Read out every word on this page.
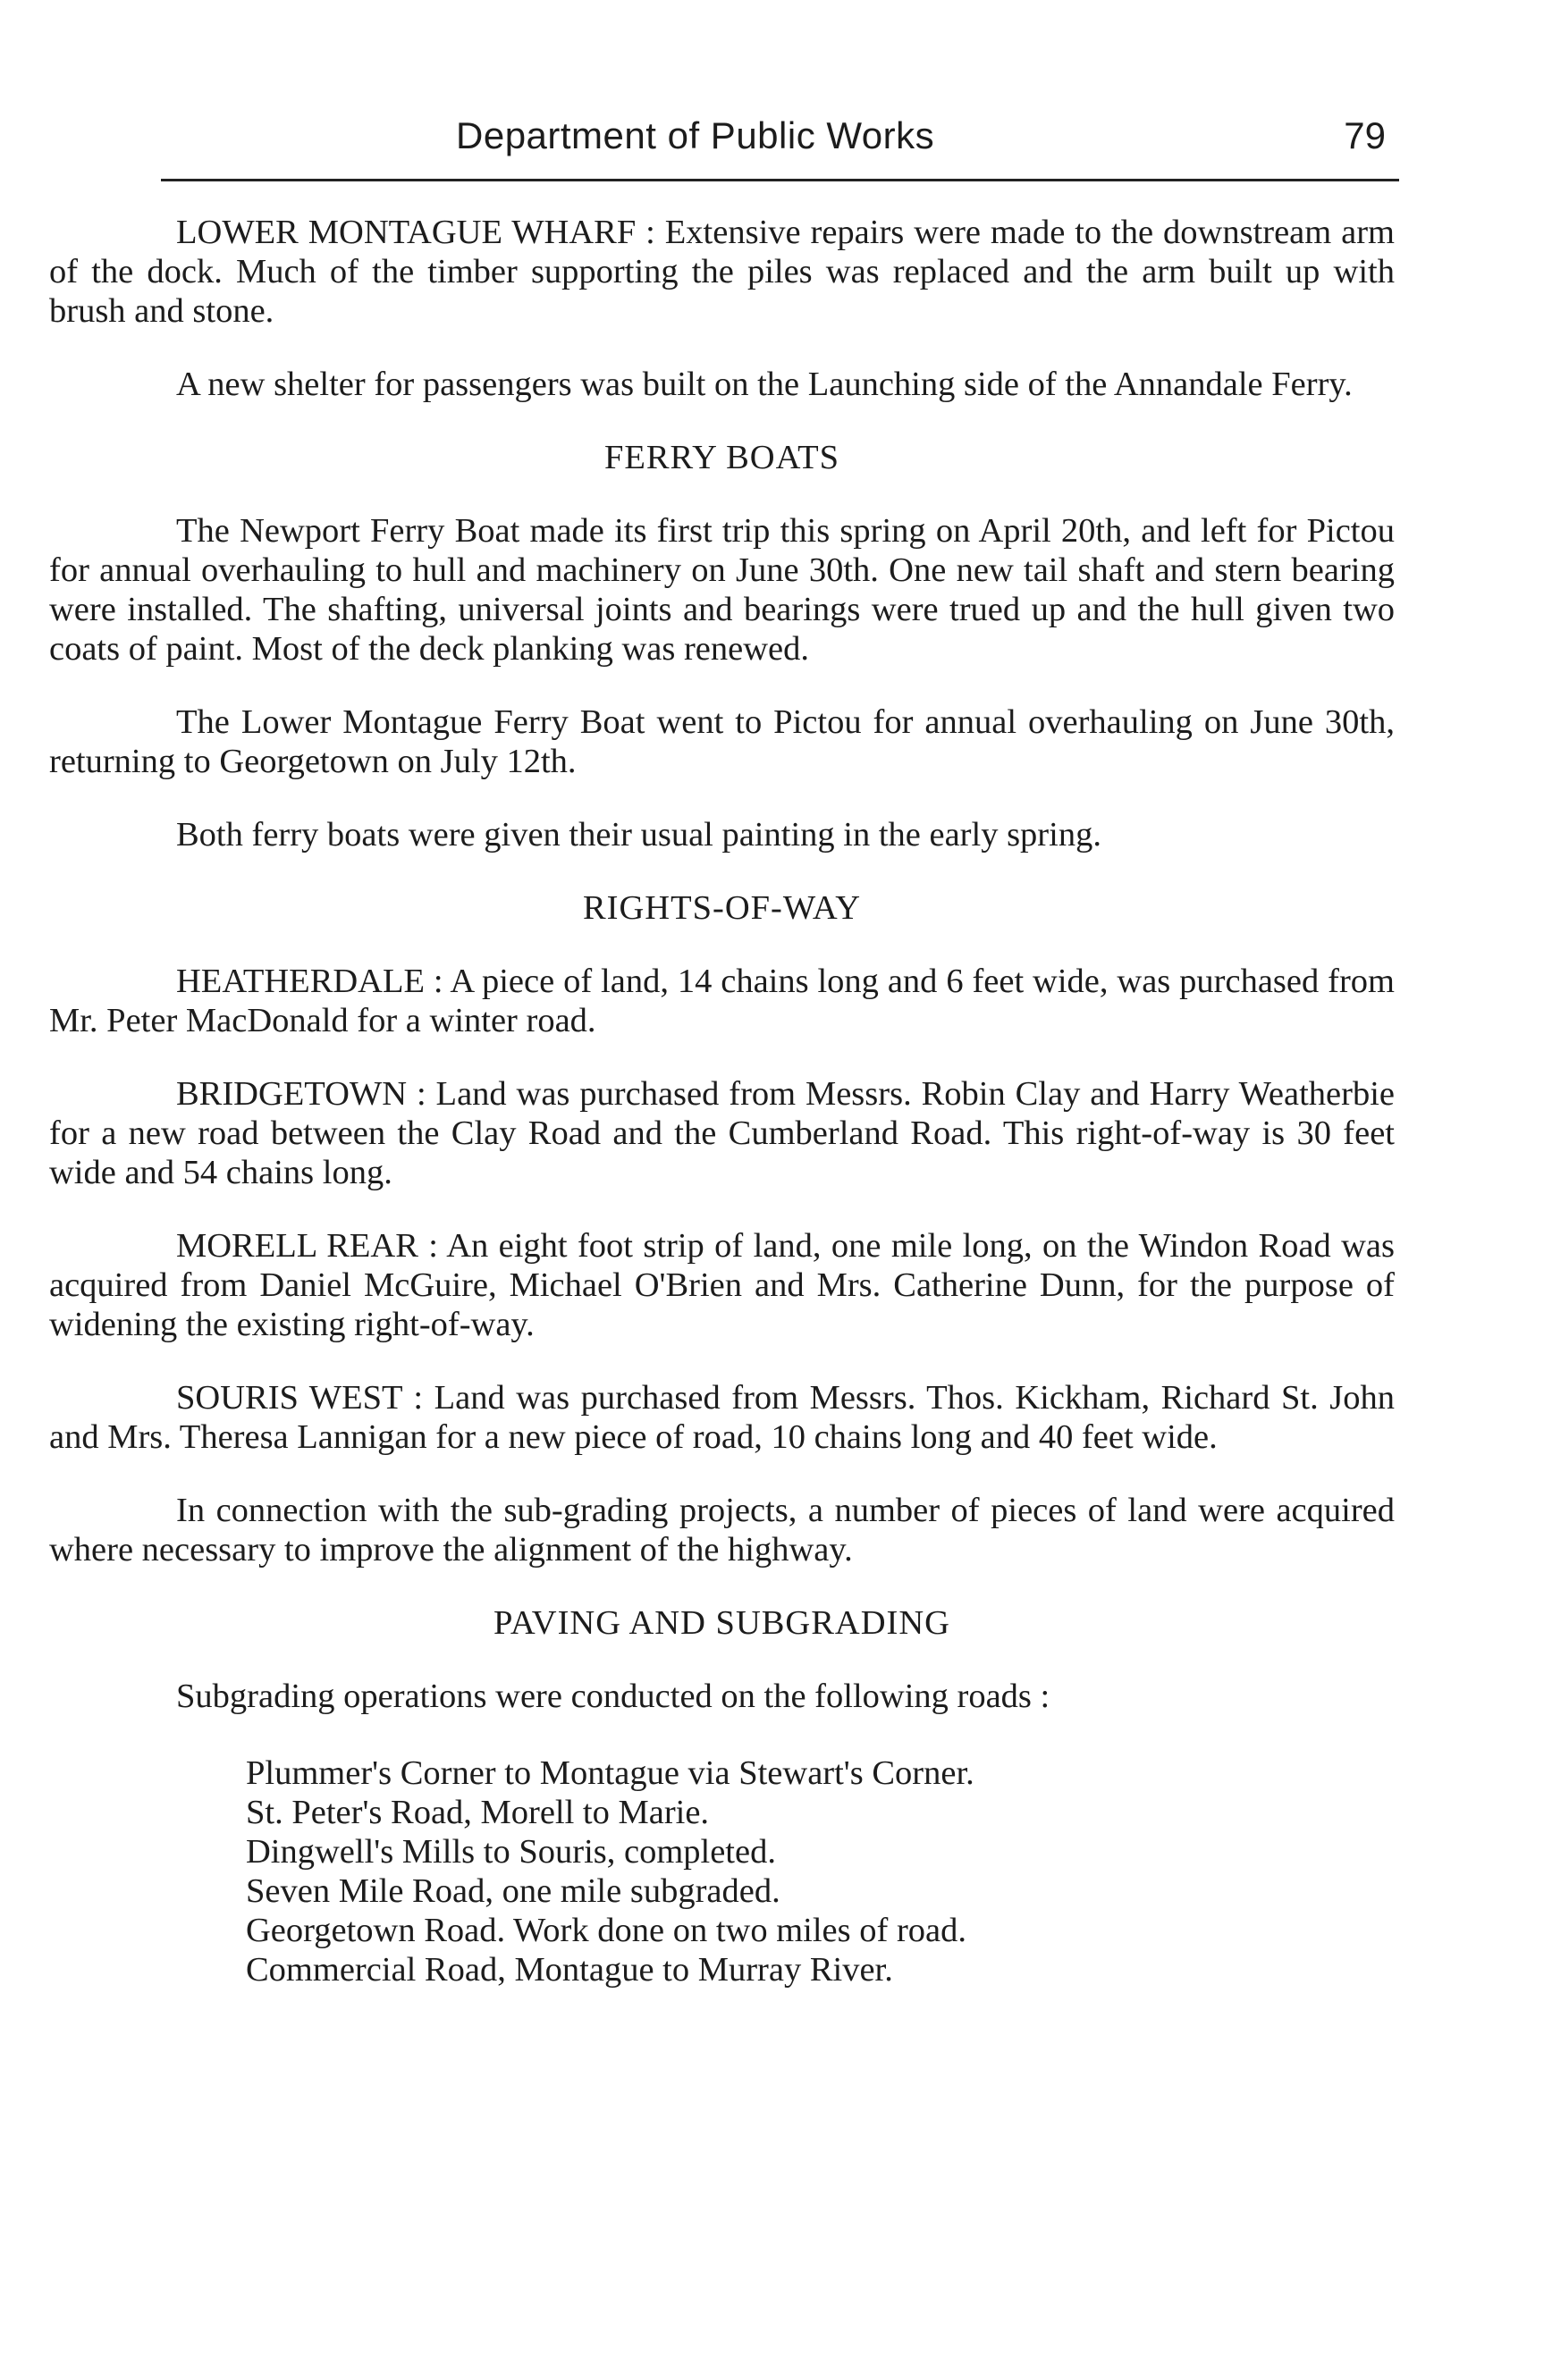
Department of Public Works	79

LOWER MONTAGUE WHARF : Extensive repairs were made to the downstream arm of the dock. Much of the timber supporting the piles was replaced and the arm built up with brush and stone.

A new shelter for passengers was built on the Launching side of the Annandale Ferry.

FERRY BOATS

The Newport Ferry Boat made its first trip this spring on April 20th, and left for Pictou for annual overhauling to hull and machinery on June 30th. One new tail shaft and stern bearing were installed. The shafting, universal joints and bearings were trued up and the hull given two coats of paint. Most of the deck planking was renewed.

The Lower Montague Ferry Boat went to Pictou for annual overhauling on June 30th, returning to Georgetown on July 12th.

Both ferry boats were given their usual painting in the early spring.

RIGHTS-OF-WAY

HEATHERDALE : A piece of land, 14 chains long and 6 feet wide, was purchased from Mr. Peter MacDonald for a winter road.

BRIDGETOWN : Land was purchased from Messrs. Robin Clay and Harry Weatherbie for a new road between the Clay Road and the Cumberland Road. This right-of-way is 30 feet wide and 54 chains long.

MORELL REAR : An eight foot strip of land, one mile long, on the Windon Road was acquired from Daniel McGuire, Michael O'Brien and Mrs. Catherine Dunn, for the purpose of widening the existing right-of-way.

SOURIS WEST : Land was purchased from Messrs. Thos. Kickham, Richard St. John and Mrs. Theresa Lannigan for a new piece of road, 10 chains long and 40 feet wide.

In connection with the sub-grading projects, a number of pieces of land were acquired where necessary to improve the alignment of the highway.

PAVING AND SUBGRADING

Subgrading operations were conducted on the following roads :

Plummer's Corner to Montague via Stewart's Corner.
St. Peter's Road, Morell to Marie.
Dingwell's Mills to Souris, completed.
Seven Mile Road, one mile subgraded.
Georgetown Road. Work done on two miles of road.
Commercial Road, Montague to Murray River.
